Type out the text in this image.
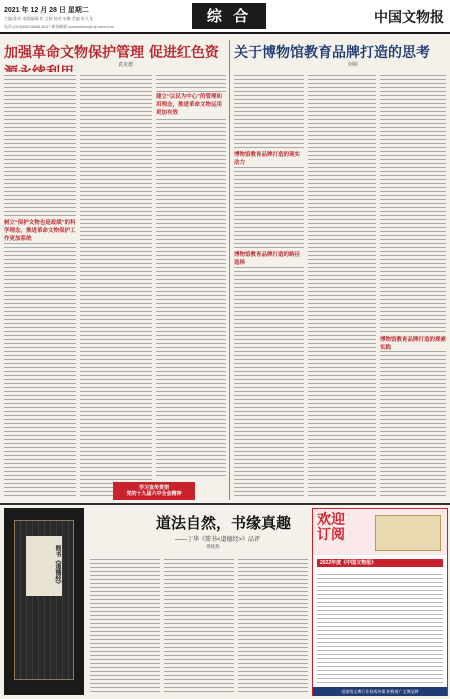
2021 年 12 月 28 日 星期二
主编:陈伟 本版编辑:何 文娟 校对:宋鹏 美编:张九龙
电话:(010)84078838-6137 新闻邮箱:wenwubao@vip.sina.com
综 合	中国文物报
加强革命文物保护管理 促进红色资
袁克德
关于博物馆教育品牌打造的思考
何婷
树立“保护文物也是政绩”的科学理念，推进革命文物保护工作更加系统
建立“以民为中心”的管理和用理念，推进革命文物运用更加有效
学习宣传贯彻
党的十九届六中全会精神
博物馆教育品牌打造的现实动力
博物馆教育品牌打造的路径选择
博物馆教育品牌打造的探索实践
简书《道德经》
道法自然，书缘真趣
——丁华《简书<道德经>》品评
黄晓燕
欢迎订阅
2022年度《中国文物报》
国家级文博行业权威传媒 积极推广文博品牌
